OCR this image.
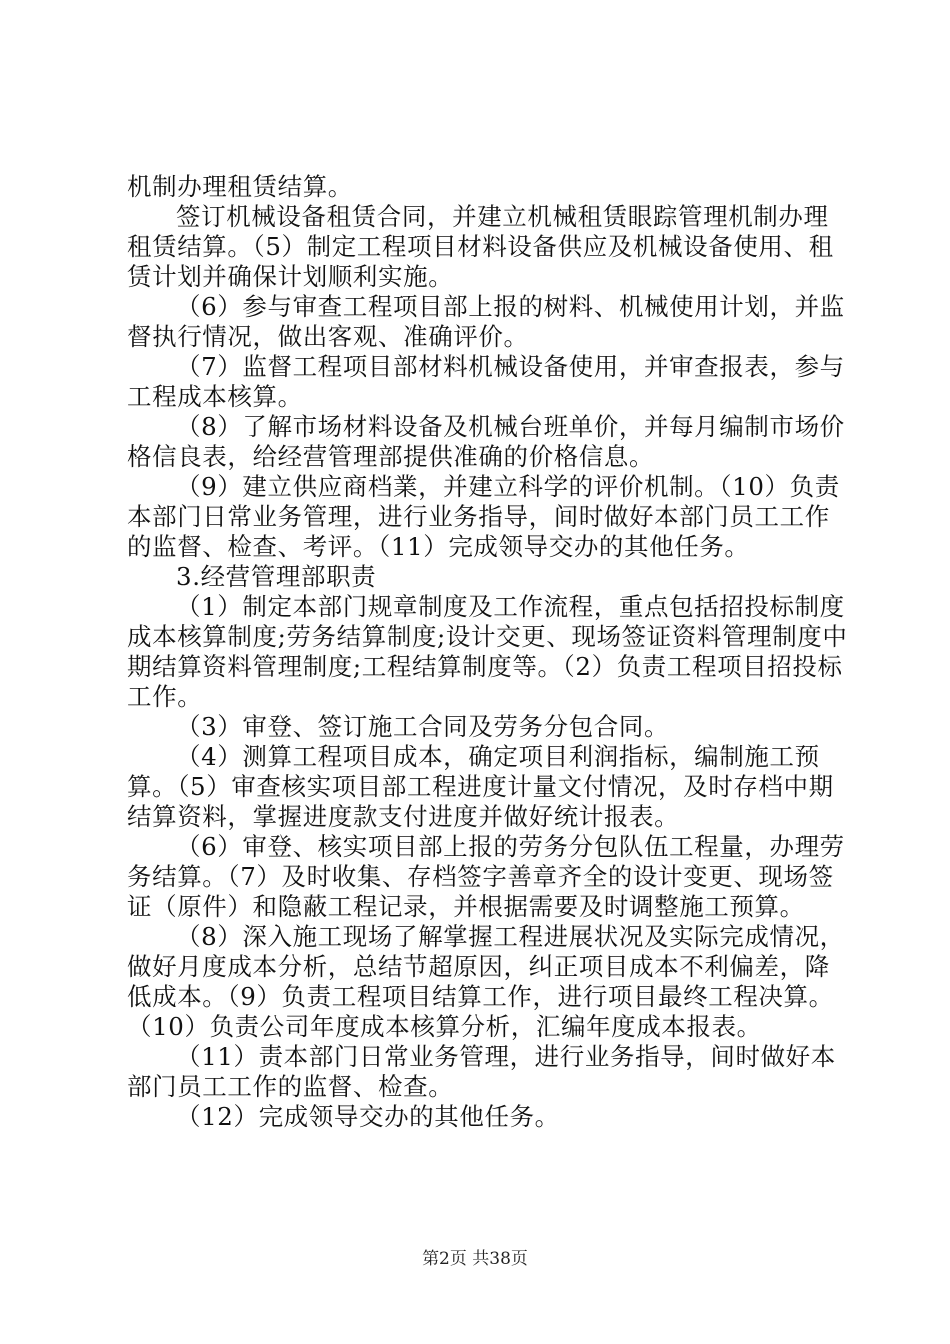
机制办理租赁结算。

签订机械设备租赁合同，并建立机械租赁眼踪管理机制办理租赁结算。（5）制定工程项目材料设备供应及机械设备使用、租赁计划并确保计划顺利实施。

（6）参与审查工程项目部上报的树料、机械使用计划，并监督执行情况，做出客观、准确评价。

（7）监督工程项目部材料机械设备使用，并审查报表，参与工程成本核算。

（8）了解市场材料设备及机械台班单价，并每月编制市场价格信良表，给经营管理部提供准确的价格信息。

（9）建立供应商档業，并建立科学的评价机制。（10）负责本部门日常业务管理，进行业务指导，间时做好本部门员工工作的监督、检查、考评。（11）完成领导交办的其他任务。

3.经营管理部职责

（1）制定本部门规章制度及工作流程，重点包括招投标制度成本核算制度;劳务结算制度;设计交更、现场签证资料管理制度中期结算资料管理制度;工程结算制度等。（2）负责工程项目招投标工作。

（3）审登、签订施工合同及劳务分包合同。

（4）测算工程项目成本，确定项目利润指标，编制施工预算。（5）审查核实项目部工程进度计量文付情况，及时存档中期结算资料，掌握进度款支付进度并做好统计报表。

（6）审登、核实项目部上报的劳务分包队伍工程量，办理劳务结算。（7）及时收集、存档签字善章齐全的设计变更、现场签证（原件）和隐蔽工程记录，并根据需要及时调整施工预算。

（8）深入施工现场了解掌握工程进展状况及实际完成情况，做好月度成本分析，总结节超原因，纠正项目成本不利偏差，降低成本。（9）负责工程项目结算工作，进行项目最终工程决算。（10）负责公司年度成本核算分析，汇编年度成本报表。

（11）责本部门日常业务管理，进行业务指导，间时做好本部门员工工作的监督、检查。

（12）完成领导交办的其他任务。

第2页 共38页
